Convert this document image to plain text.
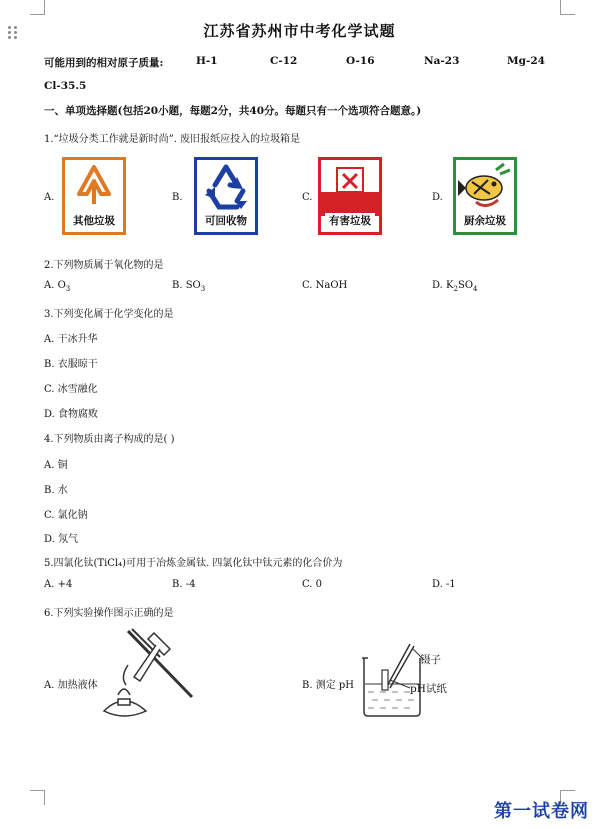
江苏省苏州市中考化学试题
可能用到的相对原子质量:	H-1	C-12	O-16	Na-23	Mg-24
Cl-35.5
一、单项选择题(包括20小题，每题2分，共40分。每题只有一个选项符合题意。)
1.“垃圾分类工作就是新时尚”. 废旧报纸应投入的垃圾箱是
A.
其他垃圾
B.
可回收物
C.
有害垃圾
D.
厨余垃圾
2.下列物质属于氧化物的是
A. $O_3$	B. $SO_3$	C. NaOH	D. $K_2SO_4$
3.下列变化属于化学变化的是
A. 干冰升华
B. 衣服晾干
C. 冰雪融化
D. 食物腐败
4.下列物质由离子构成的是( )
A. 铜
B. 水
C. 氯化钠
D. 氖气
5.四氯化钛(TiCl₄)可用于冶炼金属钛. 四氯化钛中钛元素的化合价为
A. +4	B. -4	C. 0	D. -1
6.下列实验操作图示正确的是
A. 加热液体	B. 测定 pH
镊子
pH试纸
第一试卷网
